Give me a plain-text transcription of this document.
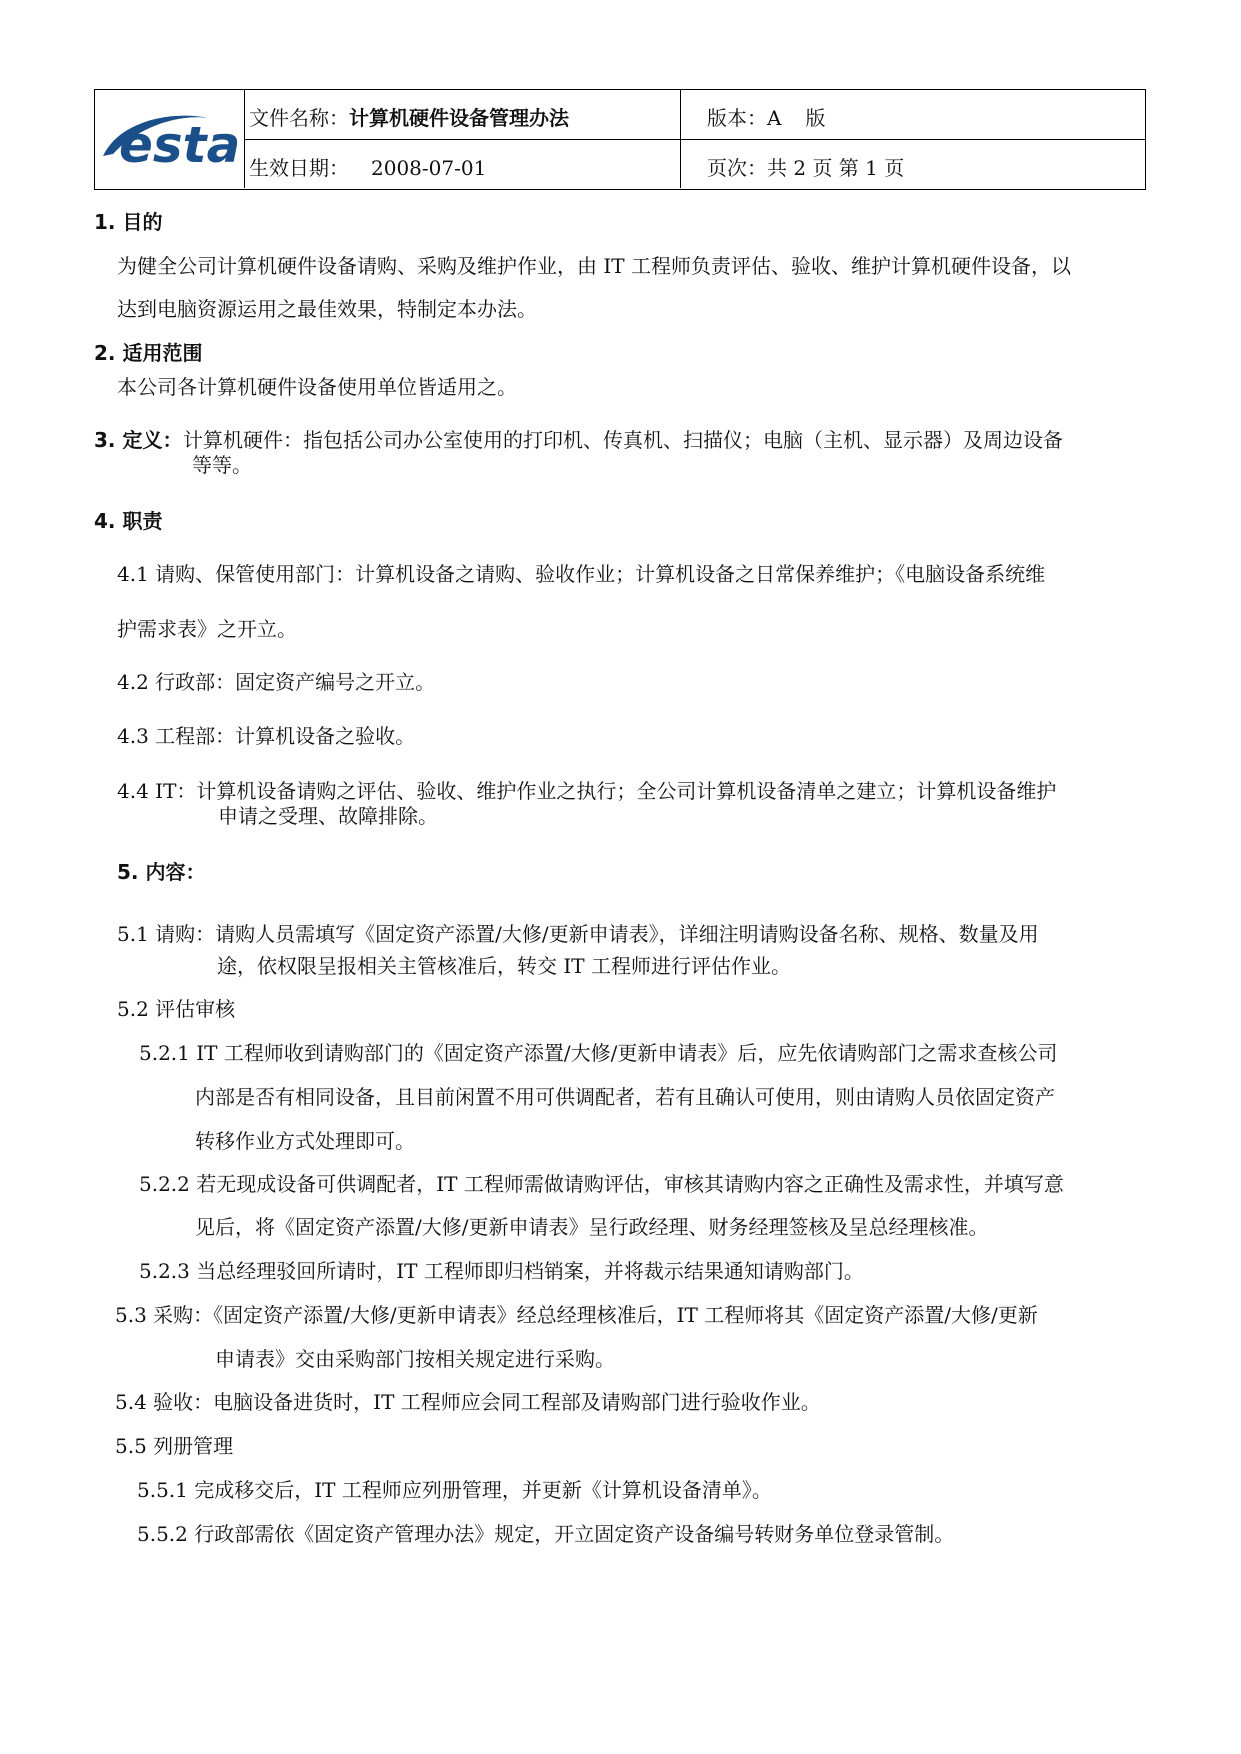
esta 文件名称：计算机硬件设备管理办法	版本：A 版
生效日期： 2008-07-01	页次：共 2 页 第 1 页
1. 目的
为健全公司计算机硬件设备请购、采购及维护作业，由 IT 工程师负责评估、验收、维护计算机硬件设备，以
达到电脑资源运用之最佳效果，特制定本办法。
2. 适用范围
本公司各计算机硬件设备使用单位皆适用之。
3. 定义： 计算机硬件：指包括公司办公室使用的打印机、传真机、扫描仪；电脑（主机、显示器）及周边设备
等等。
4. 职责
4.1 请购、保管使用部门：计算机设备之请购、验收作业；计算机设备之日常保养维护；《电脑设备系统维
护需求表》之开立。
4.2 行政部：固定资产编号之开立。
4.3 工程部：计算机设备之验收。
4.4 IT：计算机设备请购之评估、验收、维护作业之执行；全公司计算机设备清单之建立；计算机设备维护
申请之受理、故障排除。
5. 内容：
5.1 请购：请购人员需填写《固定资产添置/大修/更新申请表》，详细注明请购设备名称、规格、数量及用
途，依权限呈报相关主管核准后，转交 IT 工程师进行评估作业。
5.2 评估审核
5.2.1 IT 工程师收到请购部门的《固定资产添置/大修/更新申请表》后，应先依请购部门之需求查核公司
内部是否有相同设备，且目前闲置不用可供调配者，若有且确认可使用，则由请购人员依固定资产
转移作业方式处理即可。
5.2.2 若无现成设备可供调配者，IT 工程师需做请购评估，审核其请购内容之正确性及需求性，并填写意
见后，将《固定资产添置/大修/更新申请表》呈行政经理、财务经理签核及呈总经理核准。
5.2.3 当总经理驳回所请时，IT 工程师即归档销案，并将裁示结果通知请购部门。
5.3 采购：《固定资产添置/大修/更新申请表》经总经理核准后，IT 工程师将其《固定资产添置/大修/更新
申请表》交由采购部门按相关规定进行采购。
5.4 验收：电脑设备进货时，IT 工程师应会同工程部及请购部门进行验收作业。
5.5 列册管理
5.5.1 完成移交后，IT 工程师应列册管理，并更新《计算机设备清单》。
5.5.2 行政部需依《固定资产管理办法》规定，开立固定资产设备编号转财务单位登录管制。
